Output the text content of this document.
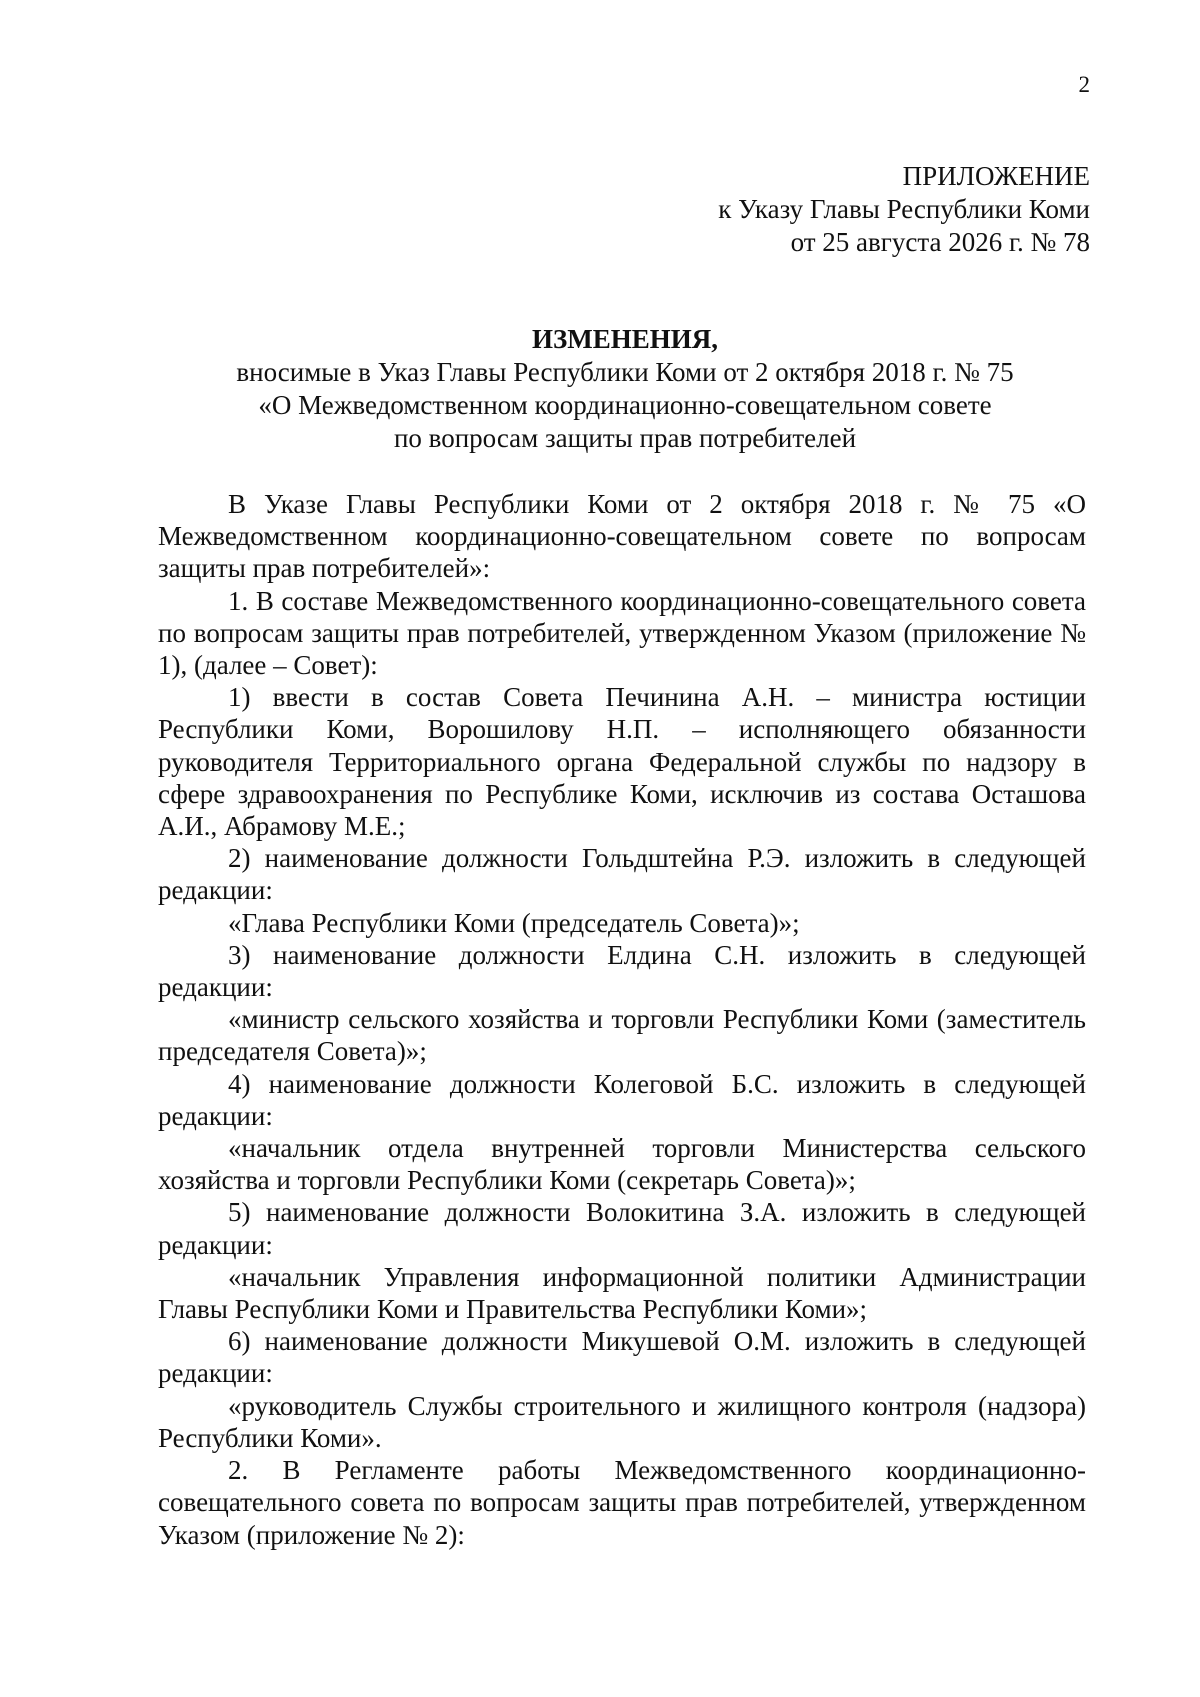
2
ПРИЛОЖЕНИЕ
к Указу Главы Республики Коми
от 25 августа 2026 г. № 78
ИЗМЕНЕНИЯ,
вносимые в Указ Главы Республики Коми от 2 октября 2018 г. № 75
«О Межведомственном координационно-совещательном совете
по вопросам защиты прав потребителей

В Указе Главы Республики Коми от 2 октября 2018 г. № 75 «О Межведомственном координационно-совещательном совете по вопросам защиты прав потребителей»:

1. В составе Межведомственного координационно-совещательного совета по вопросам защиты прав потребителей, утвержденном Указом (приложение № 1), (далее – Совет):

1) ввести в состав Совета Печинина А.Н. – министра юстиции Республики Коми, Ворошилову Н.П. – исполняющего обязанности руководителя Территориального органа Федеральной службы по надзору в сфере здравоохранения по Республике Коми, исключив из состава Осташова А.И., Абрамову М.Е.;

2) наименование должности Гольдштейна Р.Э. изложить в следующей редакции:

«Глава Республики Коми (председатель Совета)»;

3) наименование должности Елдина С.Н. изложить в следующей редакции:

«министр сельского хозяйства и торговли Республики Коми (заместитель председателя Совета)»;

4) наименование должности Колеговой Б.С. изложить в следующей редакции:

«начальник отдела внутренней торговли Министерства сельского хозяйства и торговли Республики Коми (секретарь Совета)»;

5) наименование должности Волокитина З.А. изложить в следующей редакции:

«начальник Управления информационной политики Администрации Главы Республики Коми и Правительства Республики Коми»;

6) наименование должности Микушевой О.М. изложить в следующей редакции:

«руководитель Службы строительного и жилищного контроля (надзора) Республики Коми».

2. В Регламенте работы Межведомственного координационно-совещательного совета по вопросам защиты прав потребителей, утвержденном Указом (приложение № 2):
